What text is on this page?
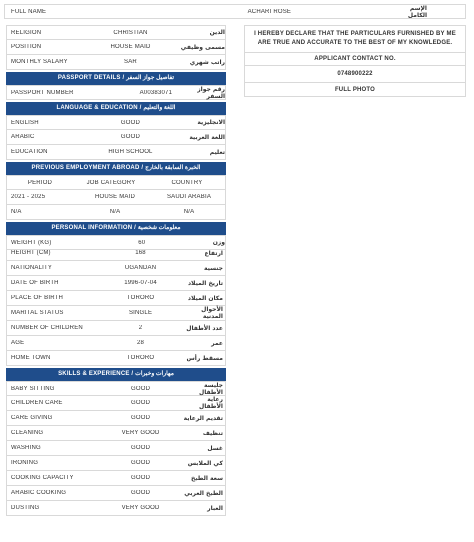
FULL NAME	ACHARI ROSE	الإسم الكامل
RELIGION	CHRISTIAN	الدين
POSITION	HOUSE MAID	مسمى وظيفي
MONTHLY SALARY	SAR	راتب شهري
PASSPORT DETAILS / تفاصيل جواز السفر
PASSPORT NUMBER	A00383071	رقم جواز السفر
LANGUAGE & EDUCATION / اللغة والتعليم
ENGLISH	GOOD	الانجليزية
ARABIC	GOOD	اللغة العربية
EDUCATION	HIGH SCHOOL	تعليم
PREVIOUS EMPLOYMENT ABROAD / الخبرة السابقة بالخارج
PERIOD	JOB CATEGORY	COUNTRY
2021 - 2025	HOUSE MAID	SAUDI ARABIA
N/A	N/A	N/A
PERSONAL INFORMATION / معلومات شخصية
WEIGHT (KG)	60	وزن
HEIGHT (CM)	168	ارتفاع
NATIONALITY	UGANDAN	جنسية
DATE OF BIRTH	1996-07-04	تاريخ الميلاد
PLACE OF BIRTH	TORORO	مكان الميلاد
MARITAL STATUS	SINGLE	الأحوال المدنية
NUMBER OF CHILDREN	2	عدد الأطفال
AGE	28	عمر
HOME TOWN	TORORO	مسقط رأس
SKILLS & EXPERIENCE / مهارات وخبرات
BABY SITTING	GOOD	جليسة الأطفال
CHILDREN CARE	GOOD	رعاية الأطفال
CARE GIVING	GOOD	تقديم الرعاية
CLEANING	VERY GOOD	تنظيف
WASHING	GOOD	غسل
IRONING	GOOD	كي الملابس
COOKING CAPACITY	GOOD	سعة الطبخ
ARABIC COOKING	GOOD	الطبخ العربي
DUSTING	VERY GOOD	الغبار
I HEREBY DECLARE THAT THE PARTICULARS FURNISHED BY ME ARE TRUE AND ACCURATE TO THE BEST OF MY KNOWLEDGE.
APPLICANT CONTACT NO.
0748900222
FULL PHOTO
